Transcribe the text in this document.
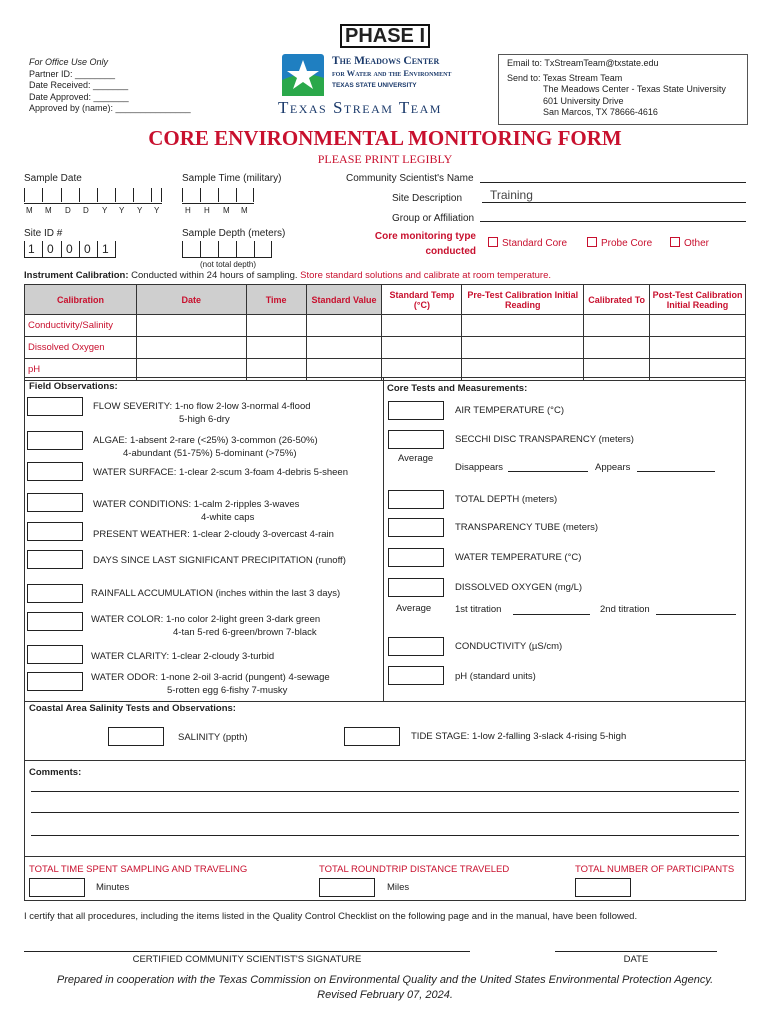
PHASE I
For Office Use Only
Partner ID: ________
Date Received: _______
Date Approved: _______
Approved by (name): _______________
The Meadows Center
for Water and the Environment
TEXAS STATE UNIVERSITY
Texas Stream Team
Email to: TxStreamTeam@txstate.edu
Send to: Texas Stream Team
The Meadows Center - Texas State University
601 University Drive
San Marcos, TX 78666-4616
CORE ENVIRONMENTAL MONITORING FORM
PLEASE PRINT LEGIBLY
Sample Date
M M D D Y Y Y Y
Sample Time (military)
H H M M
Site ID #
1 0 0 0 1
Sample Depth (meters)
(not total depth)
Community Scientist's Name
Site Description Training
Group or Affiliation
Core monitoring type
conducted
Standard Core	Probe Core	Other
Instrument Calibration: Conducted within 24 hours of sampling. Store standard solutions and calibrate at room temperature.
Calibration	Date	Time	Standard Value	Standard Temp (°C)	Pre-Test Calibration Initial Reading	Calibrated To	Post-Test Calibration Initial Reading
Conductivity/Salinity							
Dissolved Oxygen							
pH							
Field Observations:	Core Tests and Measurements:
FLOW SEVERITY: 1-no flow 2-low 3-normal 4-flood
5-high 6-dry
ALGAE: 1-absent 2-rare (<25%) 3-common (26-50%)
4-abundant (51-75%) 5-dominant (>75%)
WATER SURFACE: 1-clear 2-scum 3-foam 4-debris 5-sheen
WATER CONDITIONS: 1-calm 2-ripples 3-waves
4-white caps
PRESENT WEATHER: 1-clear 2-cloudy 3-overcast 4-rain
DAYS SINCE LAST SIGNIFICANT PRECIPITATION (runoff)
RAINFALL ACCUMULATION (inches within the last 3 days)
WATER COLOR: 1-no color 2-light green 3-dark green
4-tan 5-red 6-green/brown 7-black
WATER CLARITY: 1-clear 2-cloudy 3-turbid
WATER ODOR: 1-none 2-oil 3-acrid (pungent) 4-sewage
5-rotten egg 6-fishy 7-musky
AIR TEMPERATURE (°C)
SECCHI DISC TRANSPARENCY (meters)
Average
Disappears	Appears
TOTAL DEPTH (meters)
TRANSPARENCY TUBE (meters)
WATER TEMPERATURE (°C)
DISSOLVED OXYGEN (mg/L)
Average	1st titration	2nd titration
CONDUCTIVITY (µS/cm)
pH (standard units)
Coastal Area Salinity Tests and Observations:
SALINITY (ppth)	TIDE STAGE: 1-low 2-falling 3-slack 4-rising 5-high
Comments:
TOTAL TIME SPENT SAMPLING AND TRAVELING
Minutes
TOTAL ROUNDTRIP DISTANCE TRAVELED
Miles
TOTAL NUMBER OF PARTICIPANTS
I certify that all procedures, including the items listed in the Quality Control Checklist on the following page and in the manual, have been followed.
CERTIFIED COMMUNITY SCIENTIST'S SIGNATURE	DATE
Prepared in cooperation with the Texas Commission on Environmental Quality and the United States Environmental Protection Agency.
Revised February 07, 2024.
